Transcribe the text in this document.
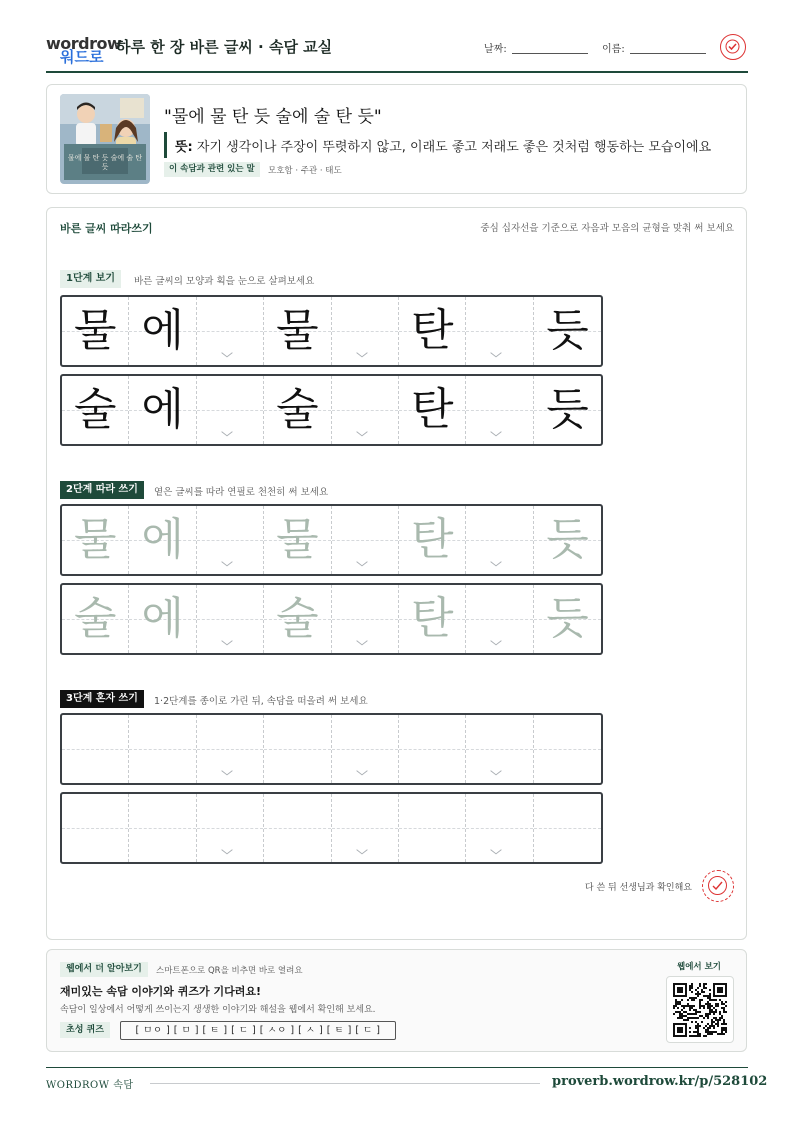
wordrow
워드로
하루 한 장 바른 글씨 · 속담 교실	날짜:	이름:
물에 물 탄 듯 술에 술 탄 듯
"물에 물 탄 듯 술에 술 탄 듯"
뜻: 자기 생각이나 주장이 뚜렷하지 않고, 이래도 좋고 저래도 좋은 것처럼 행동하는 모습이에요
이 속담과 관련 있는 말	모호함 · 주관 · 태도
바른 글씨 따라쓰기	중심 십자선을 기준으로 자음과 모음의 균형을 맞춰 써 보세요
1단계 보기	바른 글씨의 모양과 획을 눈으로 살펴보세요
2단계 따라 쓰기	옅은 글씨를 따라 연필로 천천히 써 보세요
3단계 혼자 쓰기	1·2단계를 종이로 가린 뒤, 속담을 떠올려 써 보세요
물 에 물 탄 듯
술 에 술 탄 듯
물 에 물 탄 듯
술 에 술 탄 듯
다 쓴 뒤 선생님과 확인해요
웹에서 더 알아보기	스마트폰으로 QR을 비추면 바로 열려요
재미있는 속담 이야기와 퀴즈가 기다려요!
속담이 일상에서 어떻게 쓰이는지 생생한 이야기와 해설을 웹에서 확인해 보세요.
초성 퀴즈	[ ㅁㅇ ] [ ㅁ ] [ ㅌ ] [ ㄷ ] [ ㅅㅇ ] [ ㅅ ] [ ㅌ ] [ ㄷ ]
웹에서 보기
WORDROW 속담	proverb.wordrow.kr/p/528102
